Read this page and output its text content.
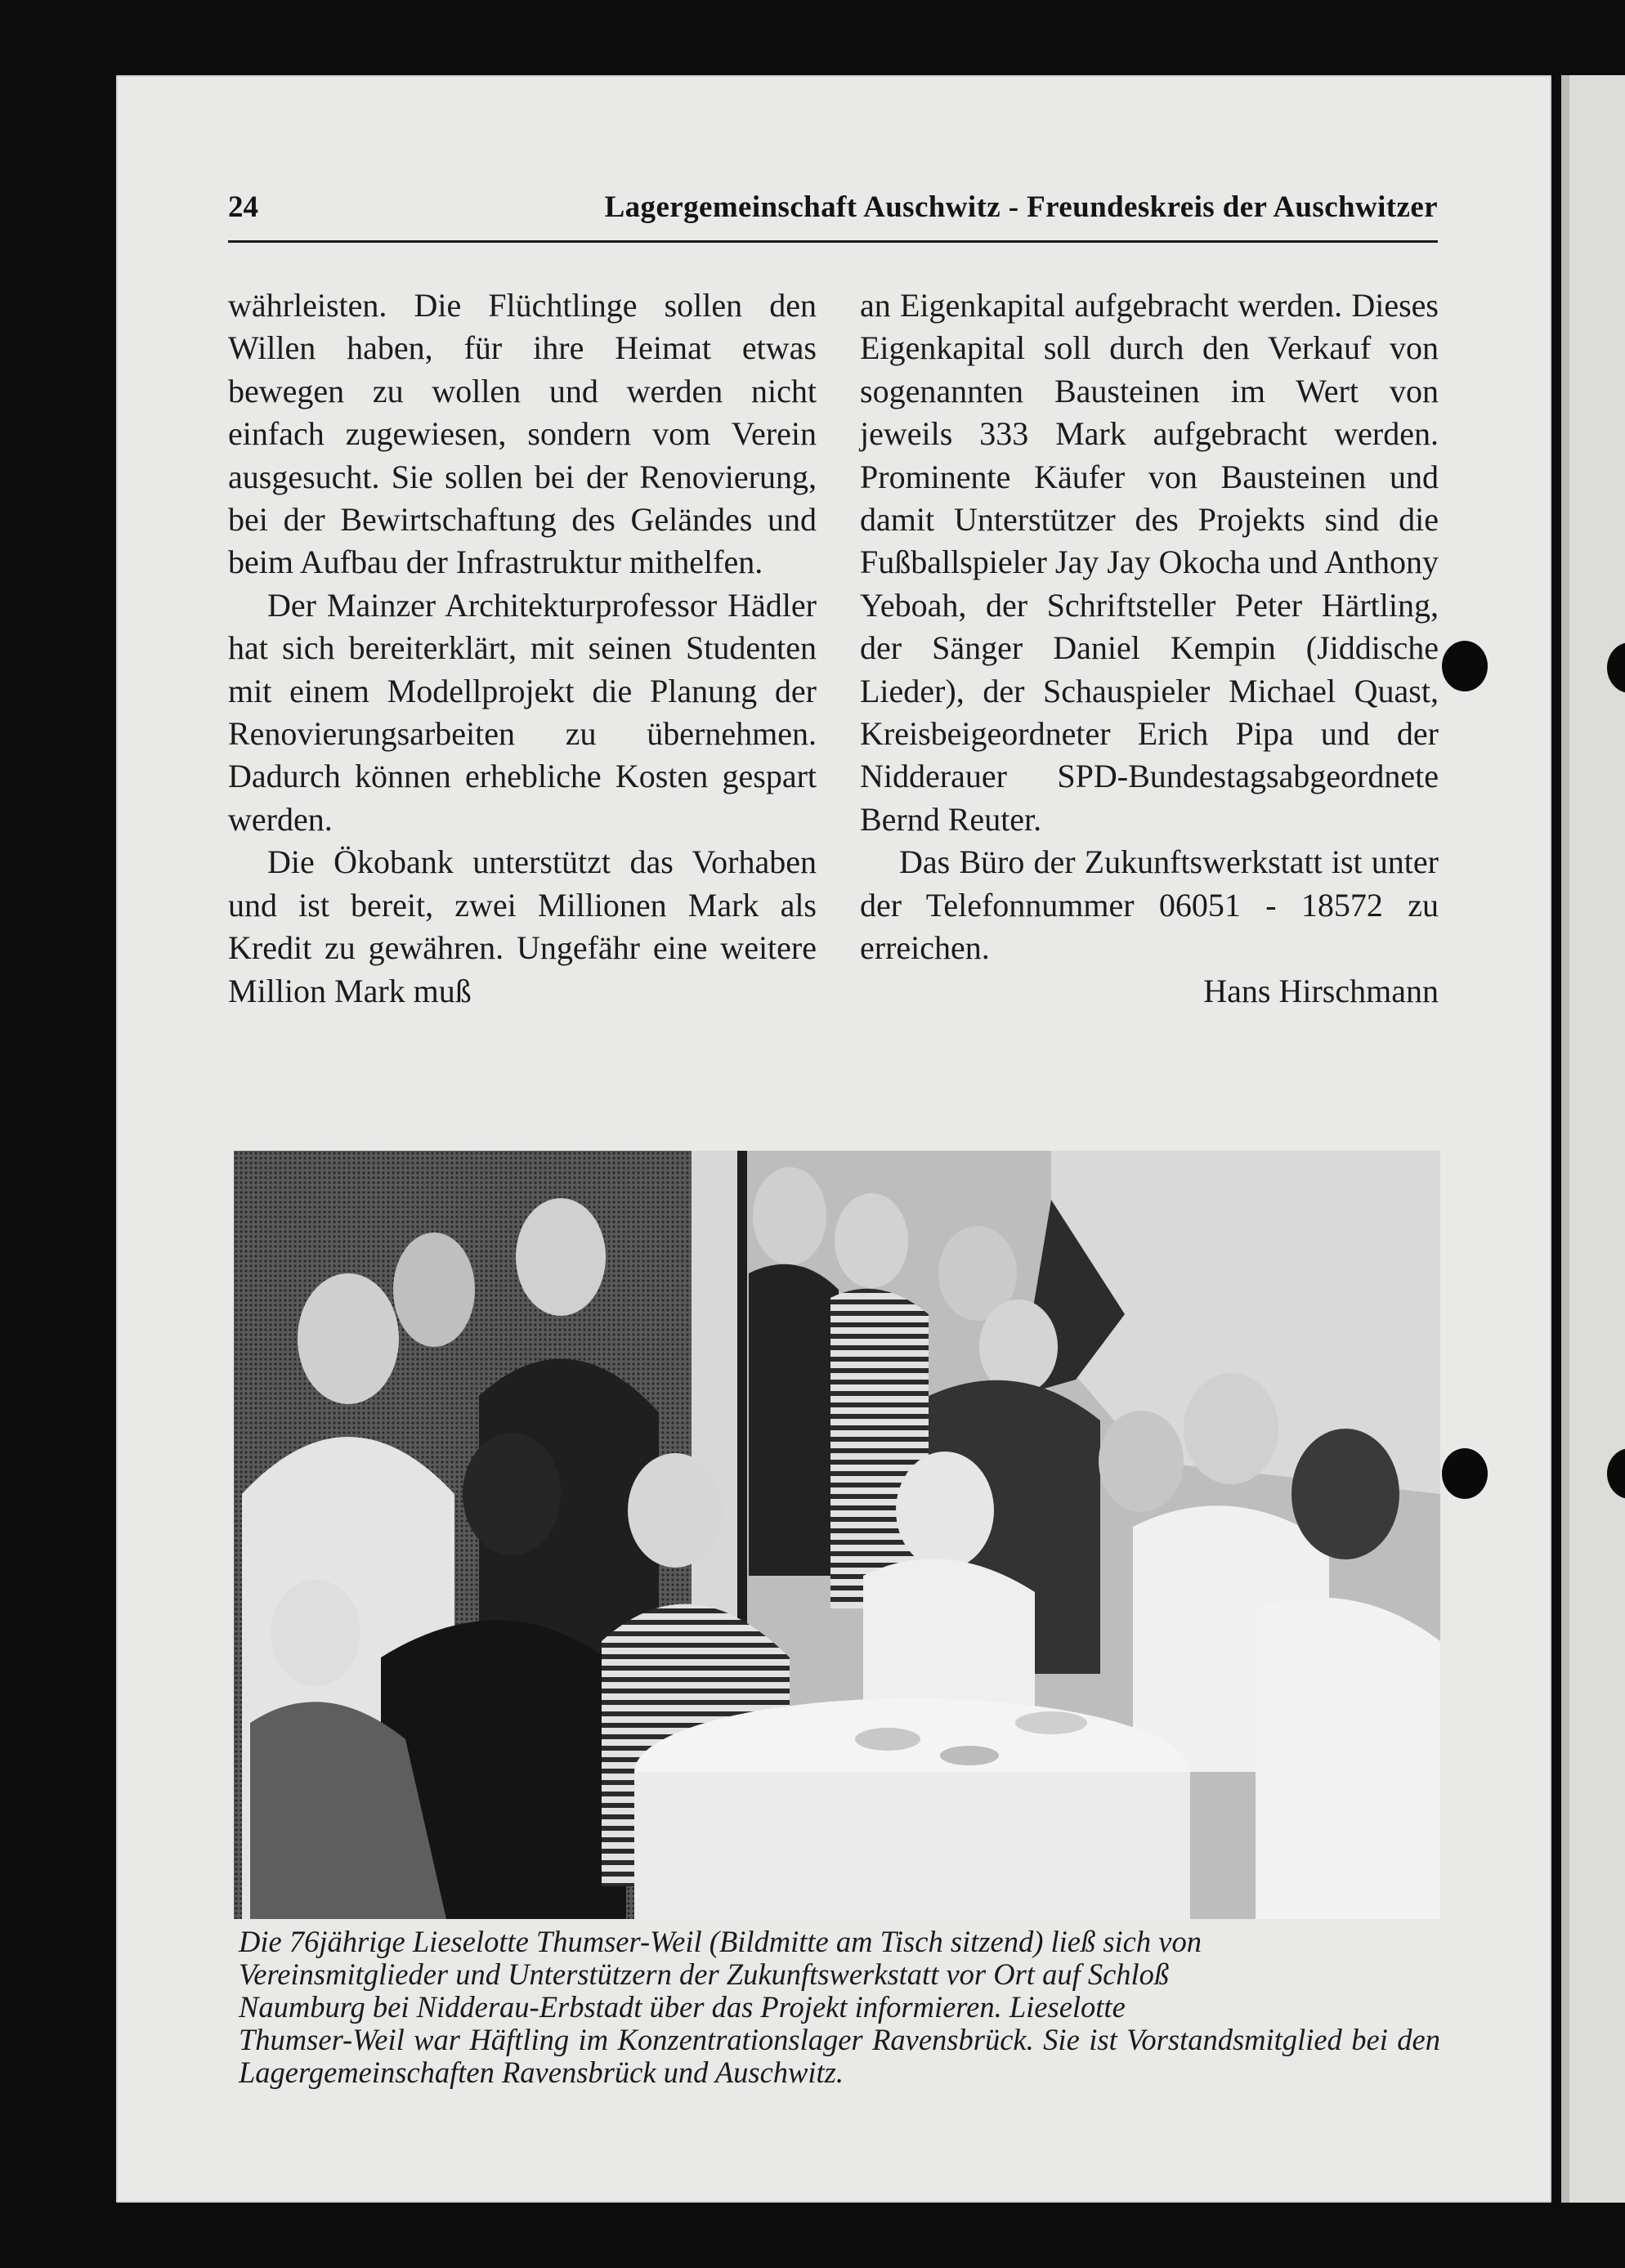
24	Lagergemeinschaft Auschwitz - Freundeskreis der Auschwitzer

währleisten. Die Flüchtlinge sollen den Willen haben, für ihre Heimat etwas bewegen zu wollen und werden nicht einfach zugewiesen, sondern vom Verein ausgesucht. Sie sollen bei der Renovierung, bei der Bewirtschaftung des Geländes und beim Aufbau der Infrastruktur mithelfen.

Der Mainzer Architekturprofessor Hädler hat sich bereiterklärt, mit seinen Studenten mit einem Modellprojekt die Planung der Renovierungsarbeiten zu übernehmen. Dadurch können erhebliche Kosten gespart werden.

Die Ökobank unterstützt das Vorhaben und ist bereit, zwei Millionen Mark als Kredit zu gewähren. Ungefähr eine weitere Million Mark muß

an Eigenkapital aufgebracht werden. Dieses Eigenkapital soll durch den Verkauf von sogenannten Bausteinen im Wert von jeweils 333 Mark aufgebracht werden. Prominente Käufer von Bausteinen und damit Unterstützer des Projekts sind die Fußballspieler Jay Jay Okocha und Anthony Yeboah, der Schriftsteller Peter Härtling, der Sänger Daniel Kempin (Jiddische Lieder), der Schauspieler Michael Quast, Kreisbeigeordneter Erich Pipa und der Nidderauer SPD-Bundestagsabgeordnete Bernd Reuter.

Das Büro der Zukunftswerkstatt ist unter der Telefonnummer 06051 - 18572 zu erreichen.

Hans Hirschmann

Die 76jährige Lieselotte Thumser-Weil (Bildmitte am Tisch sitzend) ließ sich von
Vereinsmitglieder und Unterstützern der Zukunftswerkstatt vor Ort auf Schloß
Naumburg bei Nidderau-Erbstadt über das Projekt informieren. Lieselotte
Thumser-Weil war Häftling im Konzentrationslager Ravensbrück. Sie ist Vorstandsmitglied bei den Lagergemeinschaften Ravensbrück und Auschwitz.
